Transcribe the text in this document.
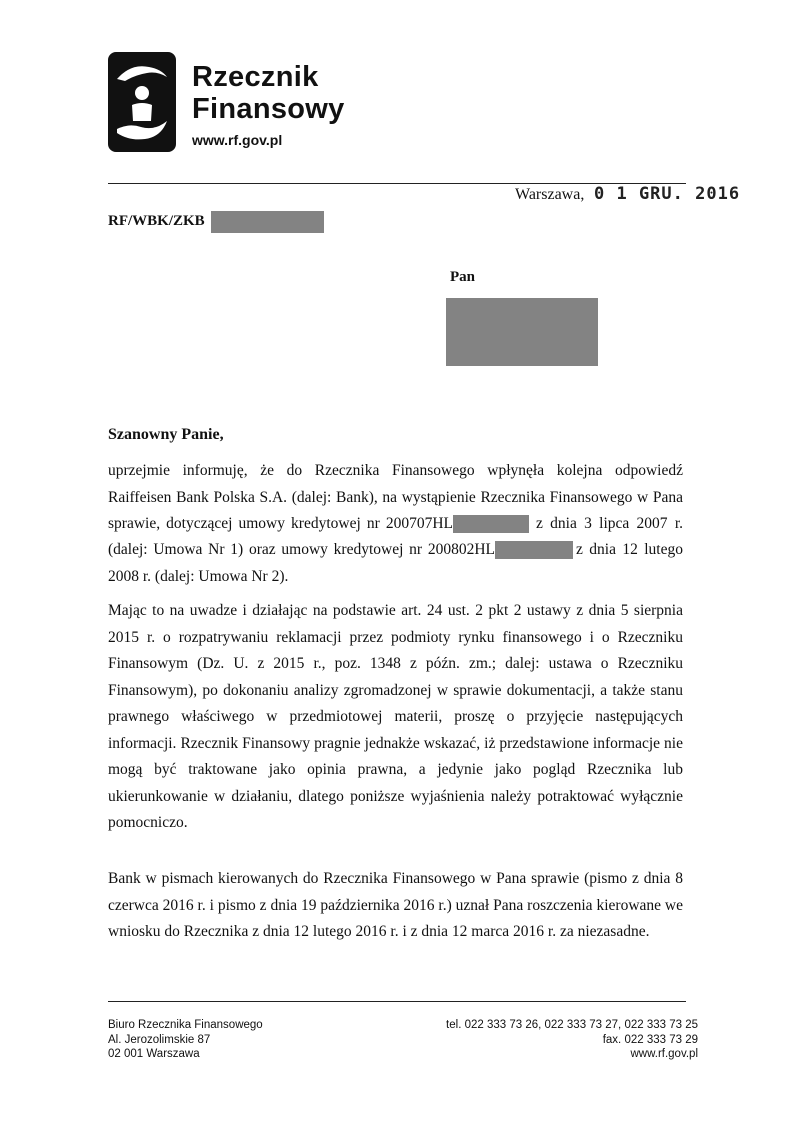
Rzecznik
Finansowy
www.rf.gov.pl
Warszawa, 0 1 GRU. 2016
RF/WBK/ZKB
Pan
Szanowny Panie,
uprzejmie informuję, że do Rzecznika Finansowego wpłynęła kolejna odpowiedź
Raiffeisen Bank Polska S.A. (dalej: Bank), na wystąpienie Rzecznika Finansowego w Pana
sprawie, dotyczącej umowy kredytowej nr 200707HL	z dnia 3 lipca 2007 r.
(dalej: Umowa Nr 1) oraz umowy kredytowej nr 200802HL	z dnia 12 lutego
2008 r. (dalej: Umowa Nr 2).
Mając to na uwadze i działając na podstawie art. 24 ust. 2 pkt 2 ustawy z dnia 5 sierpnia 2015 r. o rozpatrywaniu reklamacji przez podmioty rynku finansowego i o Rzeczniku Finansowym (Dz. U. z 2015 r., poz. 1348 z późn. zm.; dalej: ustawa o Rzeczniku Finansowym), po dokonaniu analizy zgromadzonej w sprawie dokumentacji, a także stanu prawnego właściwego w przedmiotowej materii, proszę o przyjęcie następujących informacji. Rzecznik Finansowy pragnie jednakże wskazać, iż przedstawione informacje nie mogą być traktowane jako opinia prawna, a jedynie jako pogląd Rzecznika lub ukierunkowanie w działaniu, dlatego poniższe wyjaśnienia należy potraktować wyłącznie pomocniczo.
Bank w pismach kierowanych do Rzecznika Finansowego w Pana sprawie (pismo z dnia 8 czerwca 2016 r. i pismo z dnia 19 października 2016 r.) uznał Pana roszczenia kierowane we wniosku do Rzecznika z dnia 12 lutego 2016 r. i z dnia 12 marca 2016 r. za niezasadne.
Biuro Rzecznika Finansowego
Al. Jerozolimskie 87
02 001 Warszawa
tel. 022 333 73 26, 022 333 73 27, 022 333 73 25
fax. 022 333 73 29
www.rf.gov.pl
